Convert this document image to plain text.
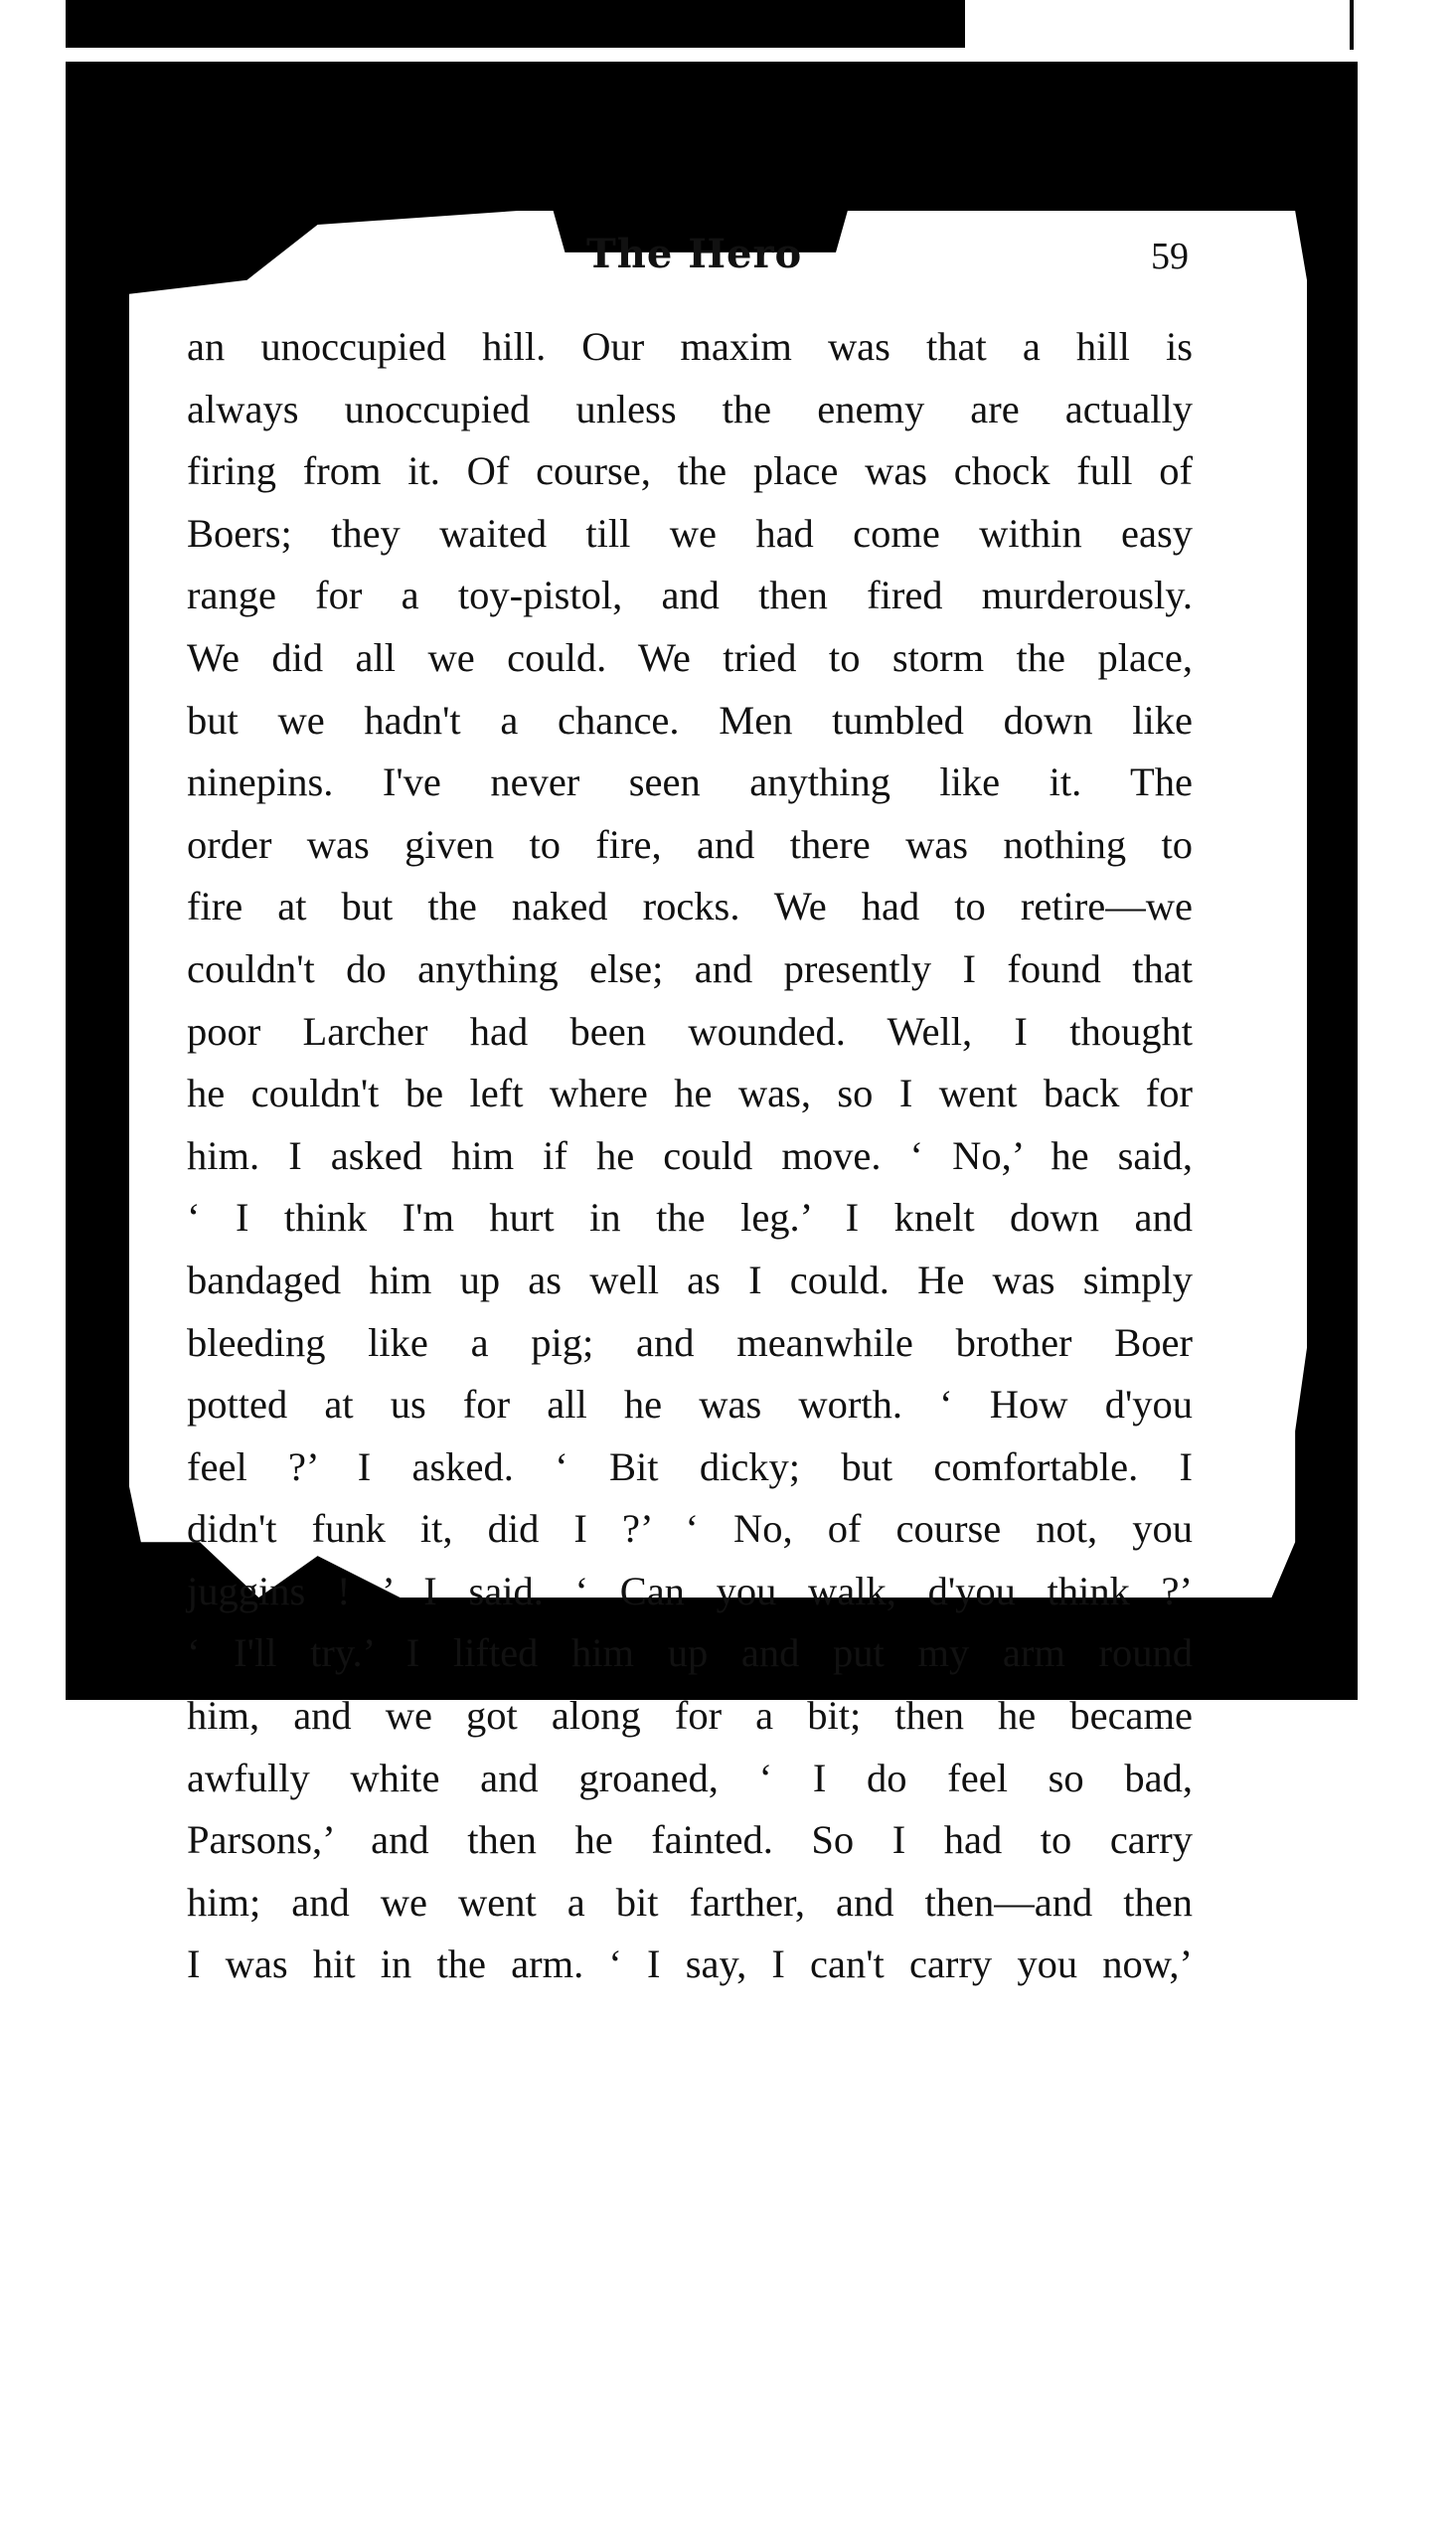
The Hero	59
an unoccupied hill. Our maxim was that a hill is
always unoccupied unless the enemy are actually
firing from it. Of course, the place was chock full of
Boers; they waited till we had come within easy
range for a toy-pistol, and then fired murderously.
We did all we could. We tried to storm the place,
but we hadn't a chance. Men tumbled down like
ninepins. I've never seen anything like it. The
order was given to fire, and there was nothing to
fire at but the naked rocks. We had to retire—we
couldn't do anything else; and presently I found that
poor Larcher had been wounded. Well, I thought
he couldn't be left where he was, so I went back for
him. I asked him if he could move. ‘ No,’ he said,
‘ I think I'm hurt in the leg.’ I knelt down and
bandaged him up as well as I could. He was simply
bleeding like a pig; and meanwhile brother Boer
potted at us for all he was worth. ‘ How d'you
feel ?’ I asked. ‘ Bit dicky; but comfortable. I
didn't funk it, did I ?’ ‘ No, of course not, you
juggins ! ’ I said. ‘ Can you walk, d'you think ?’
‘ I'll try.’ I lifted him up and put my arm round
him, and we got along for a bit; then he became
awfully white and groaned, ‘ I do feel so bad,
Parsons,’ and then he fainted. So I had to carry
him; and we went a bit farther, and then—and then
I was hit in the arm. ‘ I say, I can't carry you now,’
